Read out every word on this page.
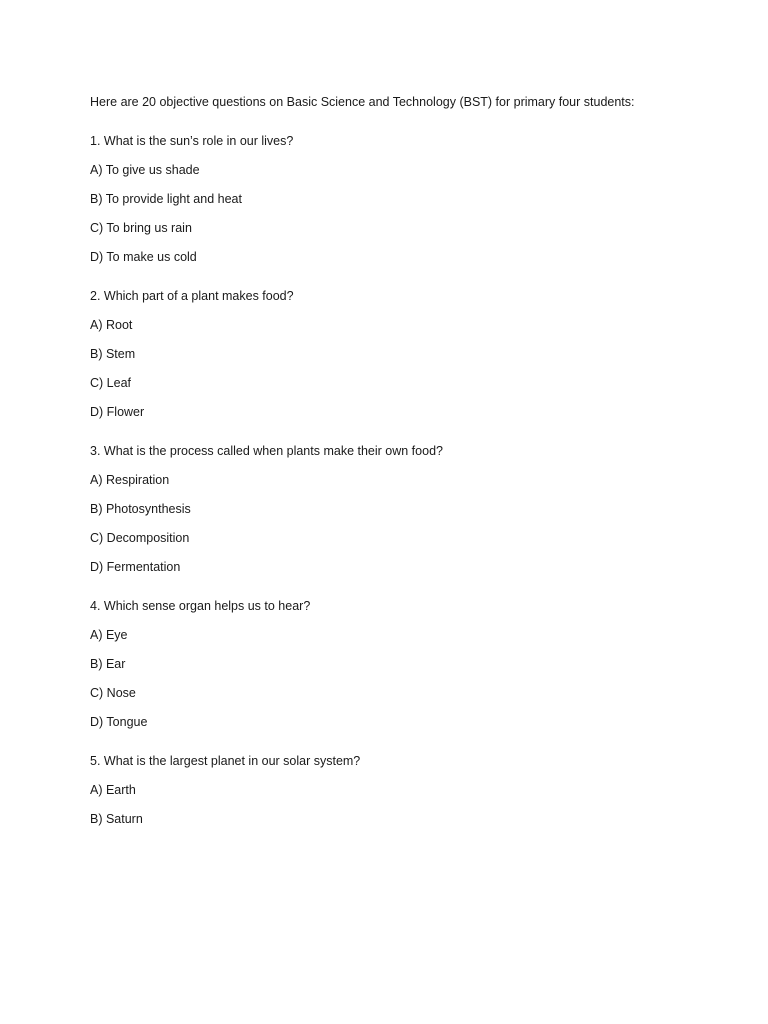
Here are 20 objective questions on Basic Science and Technology (BST) for primary four students:

1. What is the sun’s role in our lives?

A) To give us shade

B) To provide light and heat

C) To bring us rain

D) To make us cold

2. Which part of a plant makes food?

A) Root

B) Stem

C) Leaf

D) Flower

3. What is the process called when plants make their own food?

A) Respiration

B) Photosynthesis

C) Decomposition

D) Fermentation

4. Which sense organ helps us to hear?

A) Eye

B) Ear

C) Nose

D) Tongue

5. What is the largest planet in our solar system?

A) Earth

B) Saturn
